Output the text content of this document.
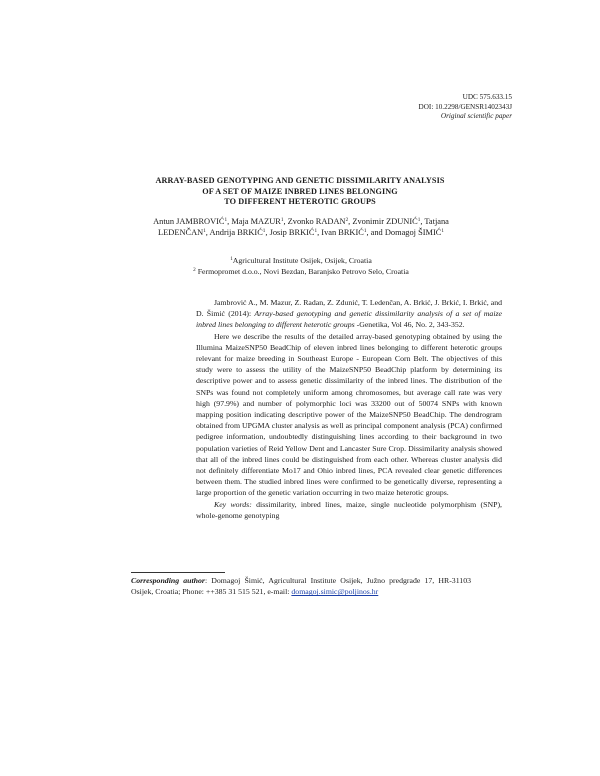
UDC 575.633.15
DOI: 10.2298/GENSR1402343J
Original scientific paper
ARRAY-BASED GENOTYPING AND GENETIC DISSIMILARITY ANALYSIS
OF A SET OF MAIZE INBRED LINES BELONGING
TO DIFFERENT HETEROTIC GROUPS
Antun JAMBROVIĆ$^1$, Maja MAZUR$^1$, Zvonko RADAN$^2$, Zvonimir ZDUNIĆ$^1$, Tatjana LEDENČAN$^1$, Andrija BRKIĆ$^1$, Josip BRKIĆ$^1$, Ivan BRKIĆ$^1$, and Domagoj ŠIMIĆ$^1$
$^1$Agricultural Institute Osijek, Osijek, Croatia
$^2$ Fermopromet d.o.o., Novi Bezdan, Baranjsko Petrovo Selo, Croatia

Jambrović A., M. Mazur, Z. Radan, Z. Zdunić, T. Ledenčan, A. Brkić, J. Brkić, I. Brkić, and D. Šimić (2014): Array-based genotyping and genetic dissimilarity analysis of a set of maize inbred lines belonging to different heterotic groups -Genetika, Vol 46, No. 2, 343-352.

Here we describe the results of the detailed array-based genotyping obtained by using the Illumina MaizeSNP50 BeadChip of eleven inbred lines belonging to different heterotic groups relevant for maize breeding in Southeast Europe - European Corn Belt. The objectives of this study were to assess the utility of the MaizeSNP50 BeadChip platform by determining its descriptive power and to assess genetic dissimilarity of the inbred lines. The distribution of the SNPs was found not completely uniform among chromosomes, but average call rate was very high (97.9%) and number of polymorphic loci was 33200 out of 50074 SNPs with known mapping position indicating descriptive power of the MaizeSNP50 BeadChip. The dendrogram obtained from UPGMA cluster analysis as well as principal component analysis (PCA) confirmed pedigree information, undoubtedly distinguishing lines according to their background in two population varieties of Reid Yellow Dent and Lancaster Sure Crop. Dissimilarity analysis showed that all of the inbred lines could be distinguished from each other. Whereas cluster analysis did not definitely differentiate Mo17 and Ohio inbred lines, PCA revealed clear genetic differences between them. The studied inbred lines were confirmed to be genetically diverse, representing a large proportion of the genetic variation occurring in two maize heterotic groups.

Key words: dissimilarity, inbred lines, maize, single nucleotide polymorphism (SNP), whole-genome genotyping

Corresponding author: Domagoj Šimić, Agricultural Institute Osijek, Južno predgrađe 17, HR-31103 Osijek, Croatia; Phone: ++385 31 515 521, e-mail: domagoj.simic@poljinos.hr
